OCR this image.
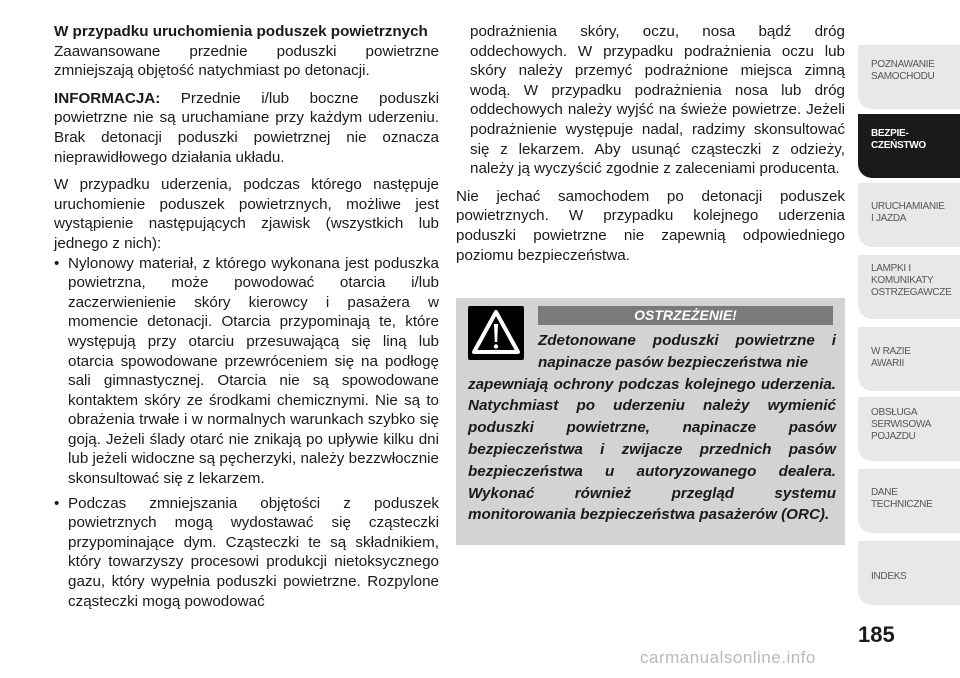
W przypadku uruchomienia poduszek powietrznych

Zaawansowane przednie poduszki powietrzne zmniejszają objętość natychmiast po detonacji.

INFORMACJA: Przednie i/lub boczne poduszki powietrzne nie są uruchamiane przy każdym uderzeniu. Brak detonacji poduszki powietrznej nie oznacza nieprawidłowego działania układu.

W przypadku uderzenia, podczas którego następuje uruchomienie poduszek powietrznych, możliwe jest wystąpienie następujących zjawisk (wszystkich lub jednego z nich):

• Nylonowy materiał, z którego wykonana jest poduszka powietrzna, może powodować otarcia i/lub zaczerwienienie skóry kierowcy i pasażera w momencie detonacji. Otarcia przypominają te, które występują przy otarciu przesuwającą się liną lub otarcia spowodowane przewróceniem się na podłogę sali gimnastycznej. Otarcia nie są spowodowane kontaktem skóry ze środkami chemicznymi. Nie są to obrażenia trwałe i w normalnych warunkach szybko się goją. Jeżeli ślady otarć nie znikają po upływie kilku dni lub jeżeli widoczne są pęcherzyki, należy bezzwłocznie skonsultować się z lekarzem.
• Podczas zmniejszania objętości z poduszek powietrznych mogą wydostawać się cząsteczki przypominające dym. Cząsteczki te są składnikiem, który towarzyszy procesowi produkcji nietoksycznego gazu, który wypełnia poduszki powietrzne. Rozpylone cząsteczki mogą powodować

podrażnienia skóry, oczu, nosa bądź dróg oddechowych. W przypadku podrażnienia oczu lub skóry należy przemyć podrażnione miejsca zimną wodą. W przypadku podrażnienia nosa lub dróg oddechowych należy wyjść na świeże powietrze. Jeżeli podrażnienie występuje nadal, radzimy skonsultować się z lekarzem. Aby usunąć cząsteczki z odzieży, należy ją wyczyścić zgodnie z zaleceniami producenta.

Nie jechać samochodem po detonacji poduszek powietrznych. W przypadku kolejnego uderzenia poduszki powietrzne nie zapewnią odpowiedniego poziomu bezpieczeństwa.

OSTRZEŻENIE!
Zdetonowane poduszki powietrzne i napinacze pasów bezpieczeństwa nie
zapewniają ochrony podczas kolejnego uderzenia. Natychmiast po uderzeniu należy wymienić poduszki powietrzne, napinacze pasów bezpieczeństwa i zwijacze przednich pasów bezpieczeństwa u autoryzowanego dealera. Wykonać również przegląd systemu monitorowania bezpieczeństwa pasażerów (ORC).
POZNAWANIE
SAMOCHODU
BEZPIE-
CZEŃSTWO
URUCHAMIANIE
I JAZDA
LAMPKI I
KOMUNIKATY
OSTRZEGAWCZE
W RAZIE
AWARII
OBSŁUGA
SERWISOWA
POJAZDU
DANE
TECHNICZNE
INDEKS
185
carmanualsonline.info
